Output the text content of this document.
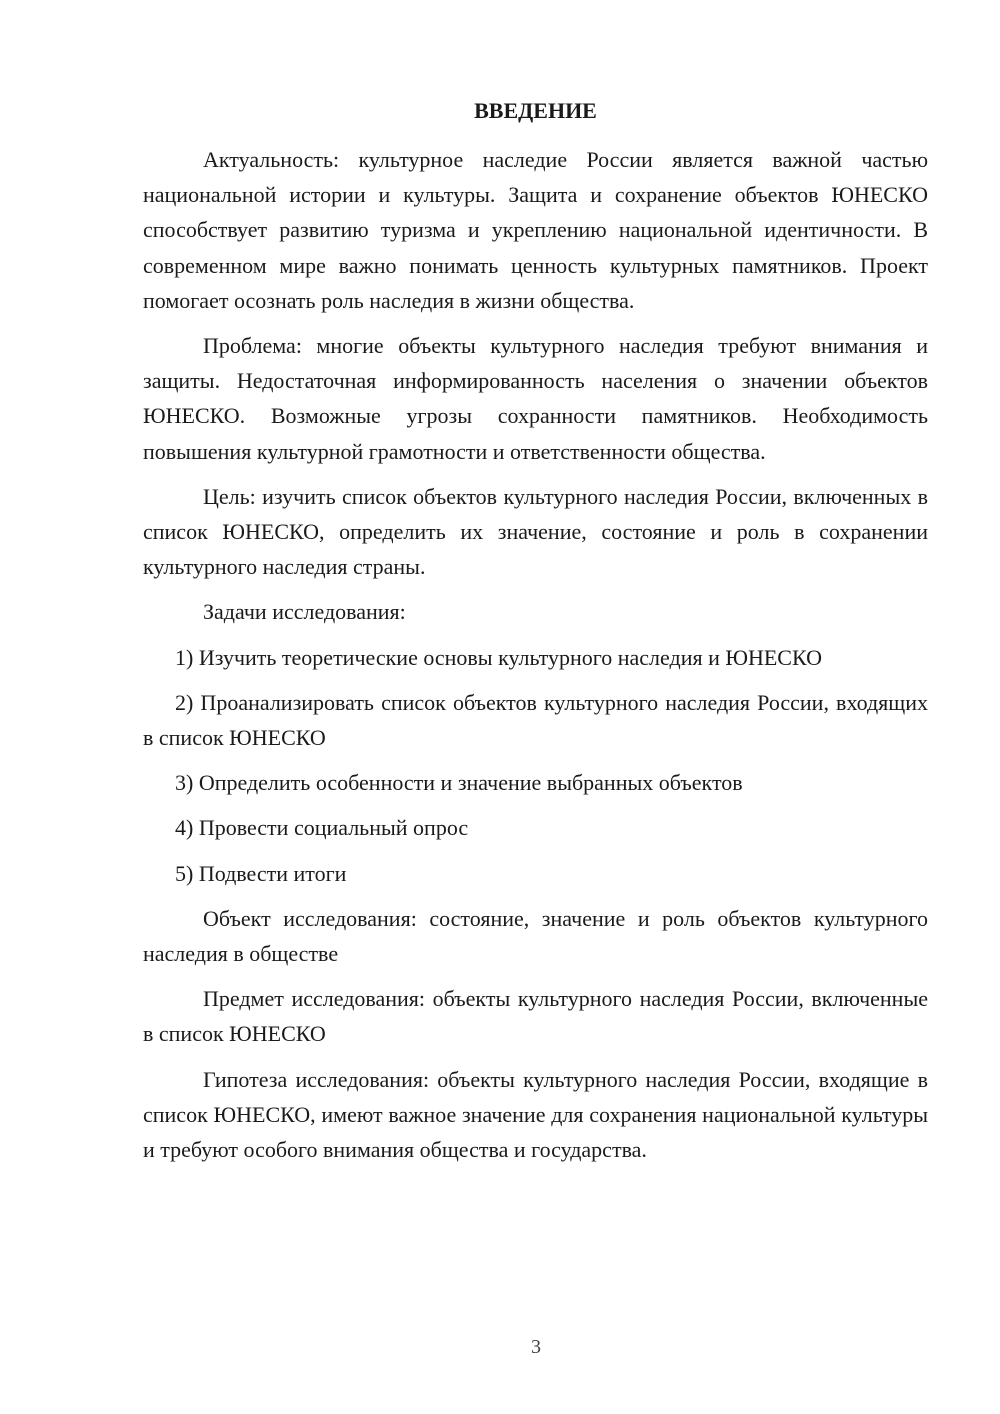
ВВЕДЕНИЕ

Актуальность: культурное наследие России является важной частью национальной истории и культуры. Защита и сохранение объектов ЮНЕСКО способствует развитию туризма и укреплению национальной идентичности. В современном мире важно понимать ценность культурных памятников. Проект помогает осознать роль наследия в жизни общества.

Проблема: многие объекты культурного наследия требуют внимания и защиты. Недостаточная информированность населения о значении объектов ЮНЕСКО. Возможные угрозы сохранности памятников. Необходимость повышения культурной грамотности и ответственности общества.

Цель: изучить список объектов культурного наследия России, включенных в список ЮНЕСКО, определить их значение, состояние и роль в сохранении культурного наследия страны.

Задачи исследования:

1) Изучить теоретические основы культурного наследия и ЮНЕСКО

2) Проанализировать список объектов культурного наследия России, входящих в список ЮНЕСКО

3) Определить особенности и значение выбранных объектов

4) Провести социальный опрос

5) Подвести итоги

Объект исследования: состояние, значение и роль объектов культурного наследия в обществе

Предмет исследования: объекты культурного наследия России, включенные в список ЮНЕСКО

Гипотеза исследования: объекты культурного наследия России, входящие в список ЮНЕСКО, имеют важное значение для сохранения национальной культуры и требуют особого внимания общества и государства.

3
